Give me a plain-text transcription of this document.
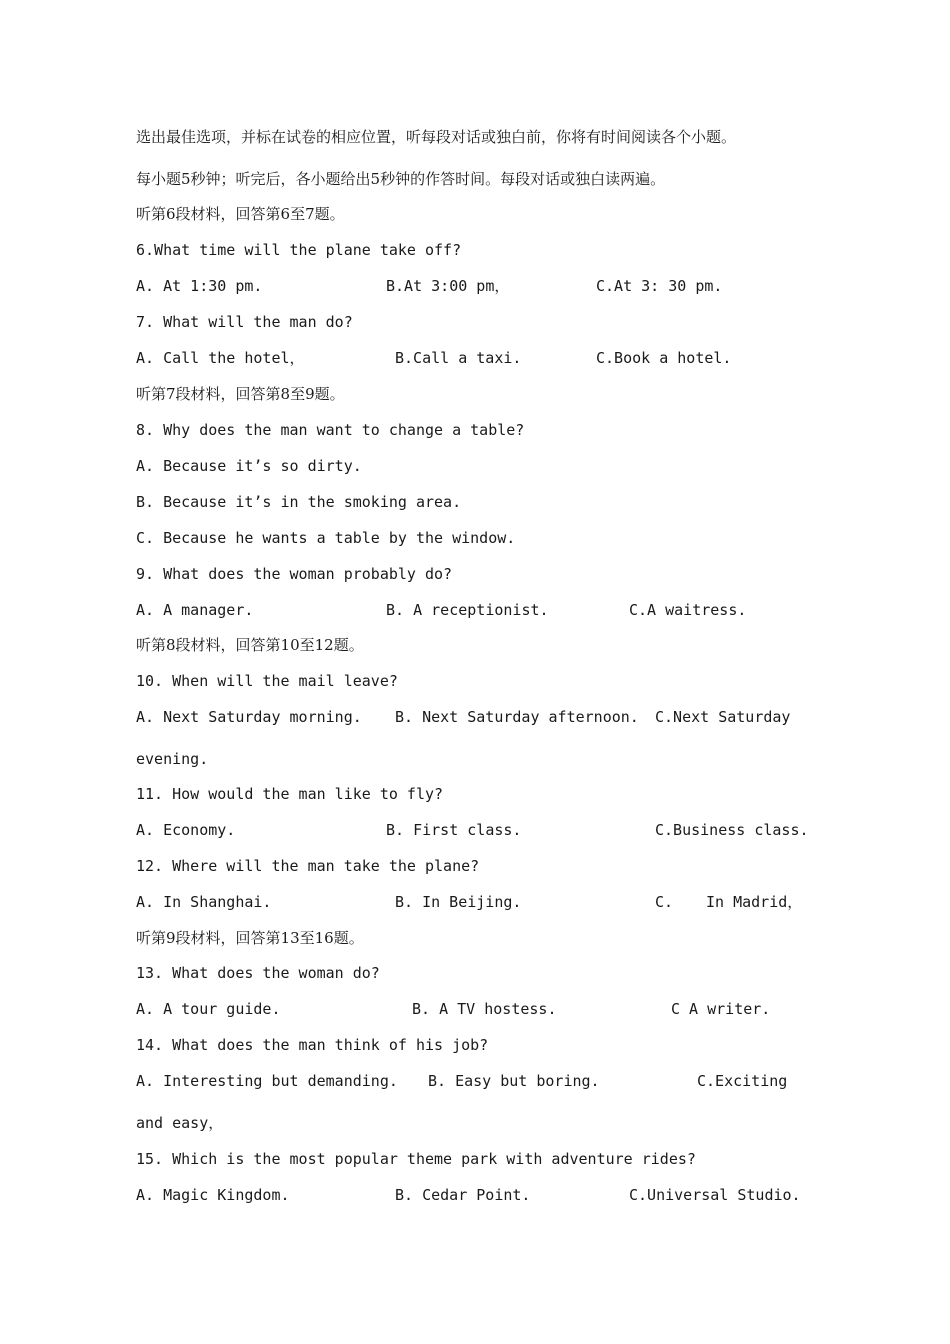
选出最佳选项，并标在试卷的相应位置，听每段对话或独白前，你将有时间阅读各个小题。
每小题5秒钟；听完后，各小题给出5秒钟的作答时间。每段对话或独白读两遍。
听第6段材料，回答第6至7题。
6.What time will the plane take off?
A. At 1:30 pm.	B.At 3:00 pm，	C.At 3: 30 pm.
7. What will the man do?
A. Call the hotel，	B.Call a taxi.	C.Book a hotel.
听第7段材料，回答第8至9题。
8. Why does the man want to change a table?
A. Because it’s so dirty.
B. Because it’s in the smoking area.
C. Because he wants a table by the window.
9. What does the woman probably do?
A. A manager.	B. A receptionist.	C.A waitress.
听第8段材料，回答第10至12题。
10. When will the mail leave?
A. Next Saturday morning. B. Next Saturday afternoon. C.Next Saturday
evening.
11. How would the man like to fly?
A. Economy.	B. First class.	C.Business class.
12. Where will the man take the plane?
A. In Shanghai.	B. In Beijing.	C. In Madrid，
听第9段材料，回答第13至16题。
13. What does the woman do?
A. A tour guide.	B. A TV hostess.	C A writer.
14. What does the man think of his job?
A. Interesting but demanding. B. Easy but boring.	C.Exciting
and easy，
15. Which is the most popular theme park with adventure rides?
A. Magic Kingdom.	B. Cedar Point.	C.Universal Studio.
